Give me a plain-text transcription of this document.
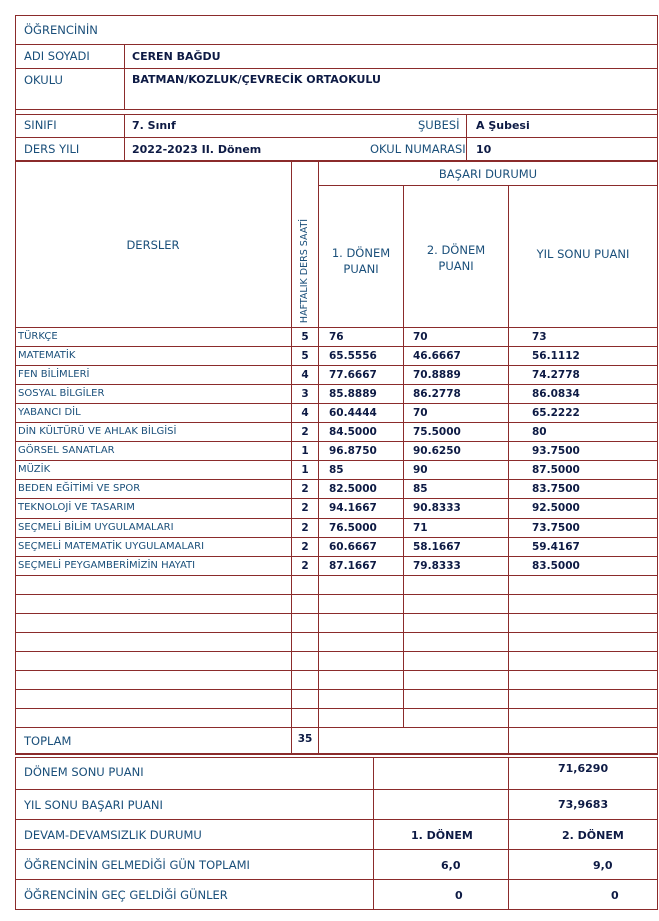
ÖĞRENCİNİN
ADI SOYADI	CEREN BAĞDU
OKULU	BATMAN/KOZLUK/ÇEVRECİK ORTAOKULU
SINIFI	7. Sınıf	ŞUBESİ A Şubesi
DERS YILI	2022-2023 II. Dönem	OKUL NUMARASI 10
DERSLER	HAFTALIK DERS SAATİ
BAŞARI DURUMU
1. DÖNEM PUANI
2. DÖNEM PUANI
YIL SONU PUANI
TÜRKÇE	5	76	70	73
MATEMATİK	5	65.5556	46.6667	56.1112
FEN BİLİMLERİ	4	77.6667	70.8889	74.2778
SOSYAL BİLGİLER	3	85.8889	86.2778	86.0834
YABANCI DİL	4	60.4444	70	65.2222
DİN KÜLTÜRÜ VE AHLAK BİLGİSİ	2	84.5000	75.5000	80
GÖRSEL SANATLAR	1	96.8750	90.6250	93.7500
MÜZİK	1	85	90	87.5000
BEDEN EĞİTİMİ VE SPOR	2	82.5000	85	83.7500
TEKNOLOJİ VE TASARIM	2	94.1667	90.8333	92.5000
SEÇMELİ BİLİM UYGULAMALARI	2	76.5000	71	73.7500
SEÇMELİ MATEMATİK UYGULAMALARI	2	60.6667	58.1667	59.4167
SEÇMELİ PEYGAMBERİMİZİN HAYATI	2	87.1667	79.8333	83.5000
TOPLAM	35
DÖNEM SONU PUANI	71,6290
YIL SONU BAŞARI PUANI	73,9683
DEVAM-DEVAMSIZLIK DURUMU	1. DÖNEM	2. DÖNEM
ÖĞRENCİNİN GELMEDİĞİ GÜN TOPLAMI	6,0	9,0
ÖĞRENCİNİN GEÇ GELDİĞİ GÜNLER	0	0
